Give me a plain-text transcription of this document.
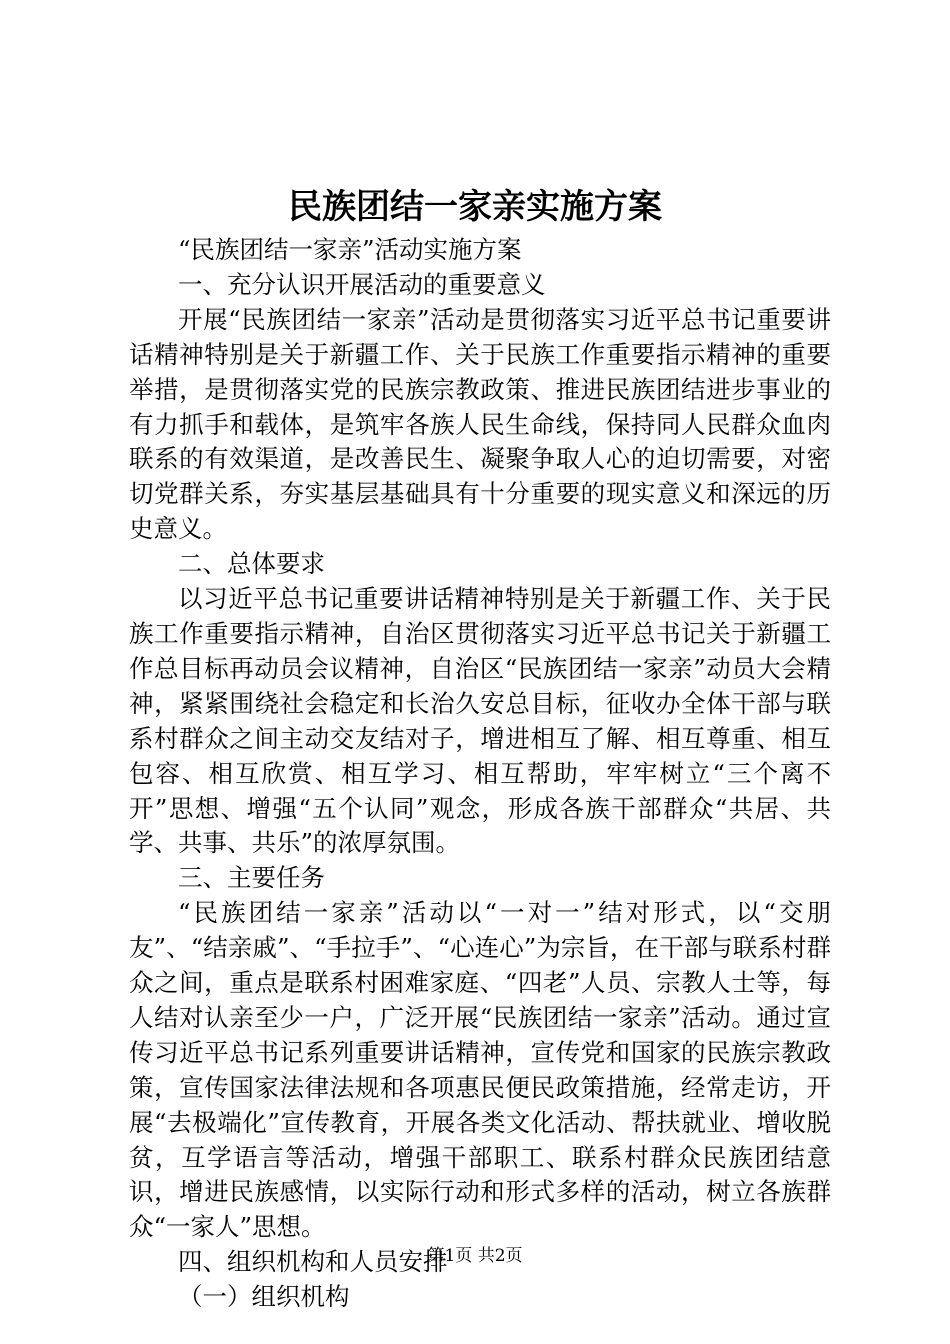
民族团结一家亲实施方案

“民族团结一家亲”活动实施方案

一、充分认识开展活动的重要意义

开展“民族团结一家亲”活动是贯彻落实习近平总书记重要讲话精神特别是关于新疆工作、关于民族工作重要指示精神的重要举措，是贯彻落实党的民族宗教政策、推进民族团结进步事业的有力抓手和载体，是筑牢各族人民生命线，保持同人民群众血肉联系的有效渠道，是改善民生、凝聚争取人心的迫切需要，对密切党群关系，夯实基层基础具有十分重要的现实意义和深远的历史意义。

二、总体要求

以习近平总书记重要讲话精神特别是关于新疆工作、关于民族工作重要指示精神，自治区贯彻落实习近平总书记关于新疆工作总目标再动员会议精神，自治区“民族团结一家亲”动员大会精神，紧紧围绕社会稳定和长治久安总目标，征收办全体干部与联系村群众之间主动交友结对子，增进相互了解、相互尊重、相互包容、相互欣赏、相互学习、相互帮助，牢牢树立“三个离不开”思想、增强“五个认同”观念，形成各族干部群众“共居、共学、共事、共乐”的浓厚氛围。

三、主要任务

“民族团结一家亲”活动以“一对一”结对形式，以“交朋友”、“结亲戚”、“手拉手”、“心连心”为宗旨，在干部与联系村群众之间，重点是联系村困难家庭、“四老”人员、宗教人士等，每人结对认亲至少一户，广泛开展“民族团结一家亲”活动。通过宣传习近平总书记系列重要讲话精神，宣传党和国家的民族宗教政策，宣传国家法律法规和各项惠民便民政策措施，经常走访，开展“去极端化”宣传教育，开展各类文化活动、帮扶就业、增收脱贫，互学语言等活动，增强干部职工、联系村群众民族团结意识，增进民族感情，以实际行动和形式多样的活动，树立各族群众“一家人”思想。

四、组织机构和人员安排

（一）组织机构

第1页 共2页
